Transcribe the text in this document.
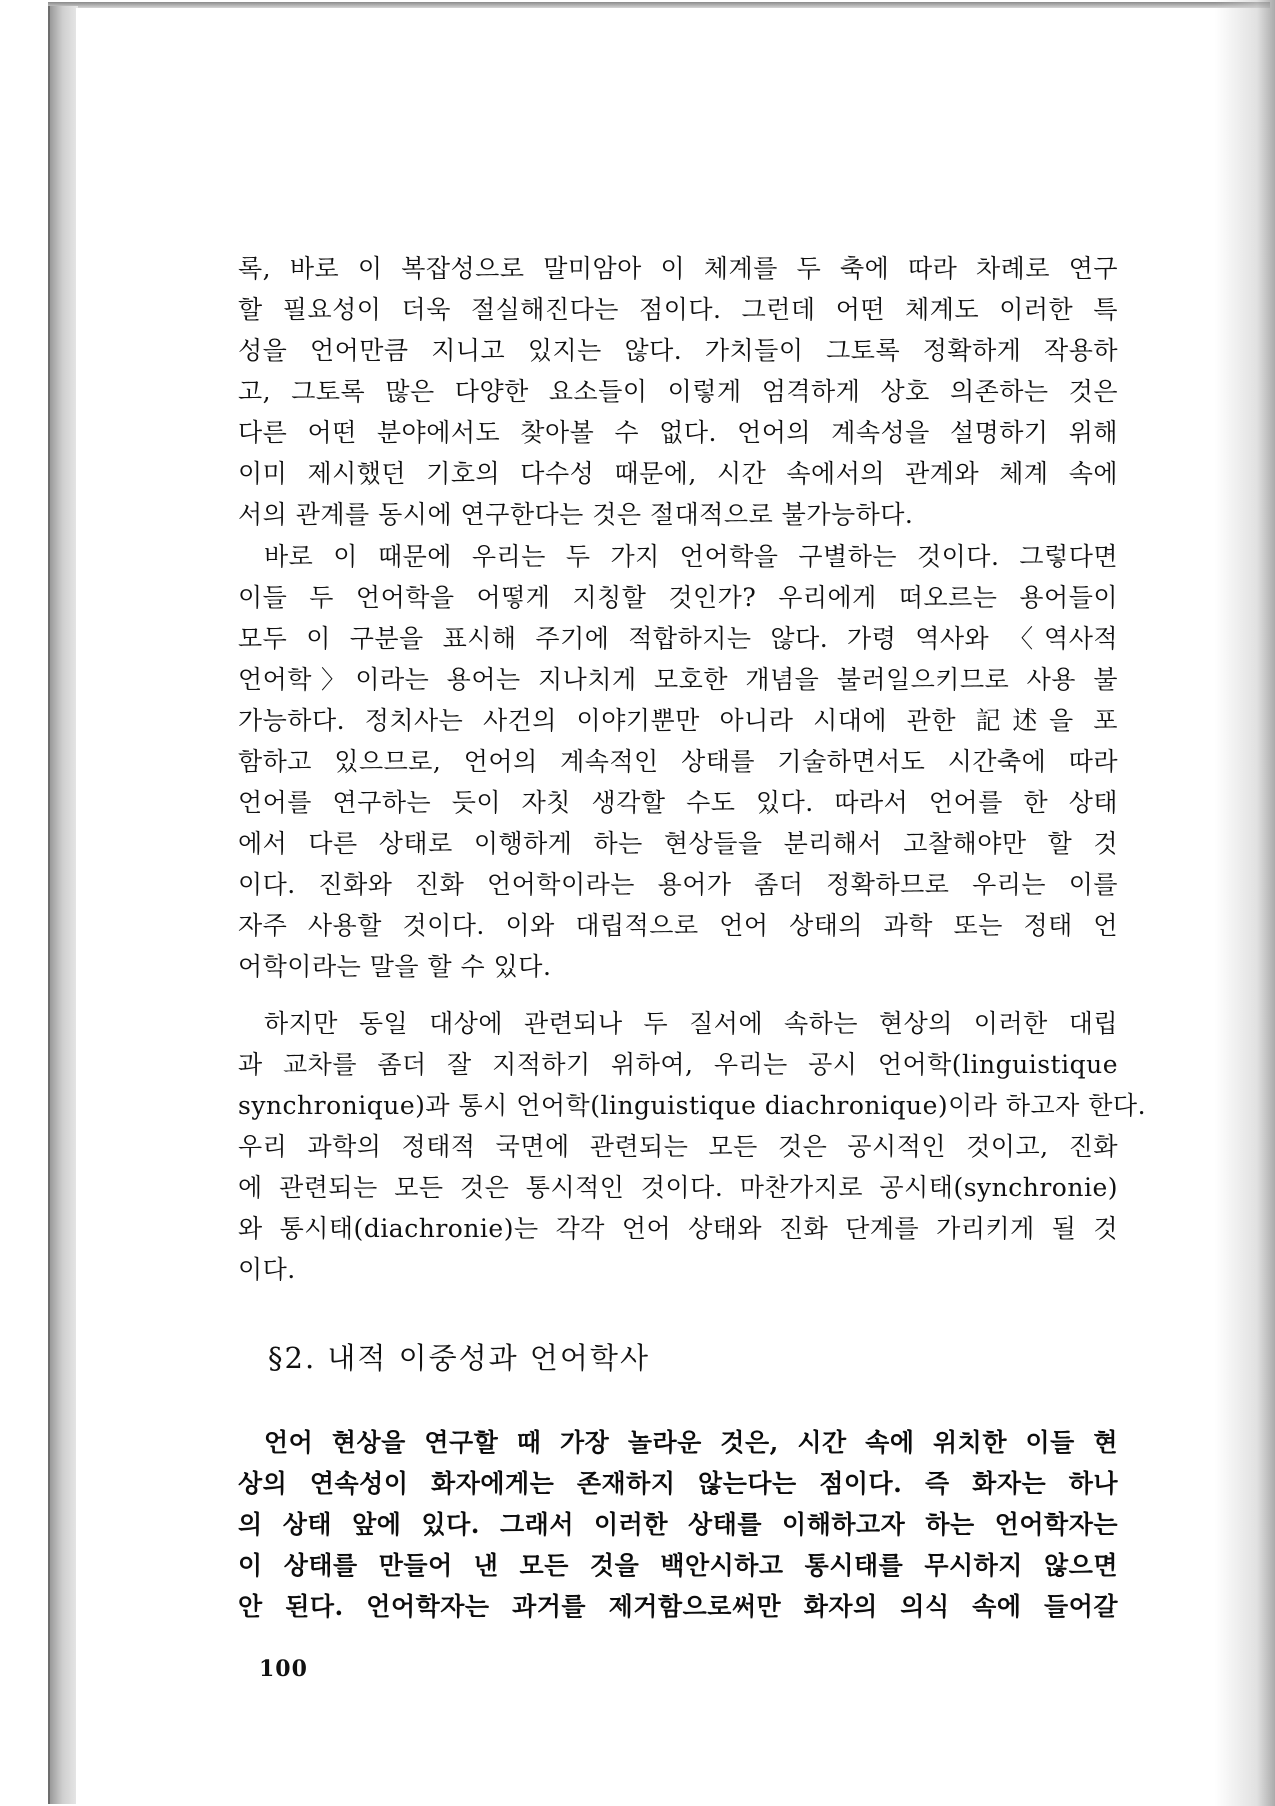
록, 바로 이 복잡성으로 말미암아 이 체계를 두 축에 따라 차례로 연구
할 필요성이 더욱 절실해진다는 점이다. 그런데 어떤 체계도 이러한 특
성을 언어만큼 지니고 있지는 않다. 가치들이 그토록 정확하게 작용하
고, 그토록 많은 다양한 요소들이 이렇게 엄격하게 상호 의존하는 것은
다른 어떤 분야에서도 찾아볼 수 없다. 언어의 계속성을 설명하기 위해
이미 제시했던 기호의 다수성 때문에, 시간 속에서의 관계와 체계 속에
서의 관계를 동시에 연구한다는 것은 절대적으로 불가능하다.
바로 이 때문에 우리는 두 가지 언어학을 구별하는 것이다. 그렇다면
이들 두 언어학을 어떻게 지칭할 것인가? 우리에게 떠오르는 용어들이
모두 이 구분을 표시해 주기에 적합하지는 않다. 가령 역사와 〈역사적
언어학〉이라는 용어는 지나치게 모호한 개념을 불러일으키므로 사용 불
가능하다. 정치사는 사건의 이야기뿐만 아니라 시대에 관한 記述을 포
함하고 있으므로, 언어의 계속적인 상태를 기술하면서도 시간축에 따라
언어를 연구하는 듯이 자칫 생각할 수도 있다. 따라서 언어를 한 상태
에서 다른 상태로 이행하게 하는 현상들을 분리해서 고찰해야만 할 것
이다. 진화와 진화 언어학이라는 용어가 좀더 정확하므로 우리는 이를
자주 사용할 것이다. 이와 대립적으로 언어 상태의 과학 또는 정태 언
어학이라는 말을 할 수 있다.
하지만 동일 대상에 관련되나 두 질서에 속하는 현상의 이러한 대립
과 교차를 좀더 잘 지적하기 위하여, 우리는 공시 언어학(linguistique
synchronique)과 통시 언어학(linguistique diachronique)이라 하고자 한다.
우리 과학의 정태적 국면에 관련되는 모든 것은 공시적인 것이고, 진화
에 관련되는 모든 것은 통시적인 것이다. 마찬가지로 공시태(synchronie)
와 통시태(diachronie)는 각각 언어 상태와 진화 단계를 가리키게 될 것
이다.
§2. 내적 이중성과 언어학사
언어 현상을 연구할 때 가장 놀라운 것은, 시간 속에 위치한 이들 현
상의 연속성이 화자에게는 존재하지 않는다는 점이다. 즉 화자는 하나
의 상태 앞에 있다. 그래서 이러한 상태를 이해하고자 하는 언어학자는
이 상태를 만들어 낸 모든 것을 백안시하고 통시태를 무시하지 않으면
안 된다. 언어학자는 과거를 제거함으로써만 화자의 의식 속에 들어갈
100
